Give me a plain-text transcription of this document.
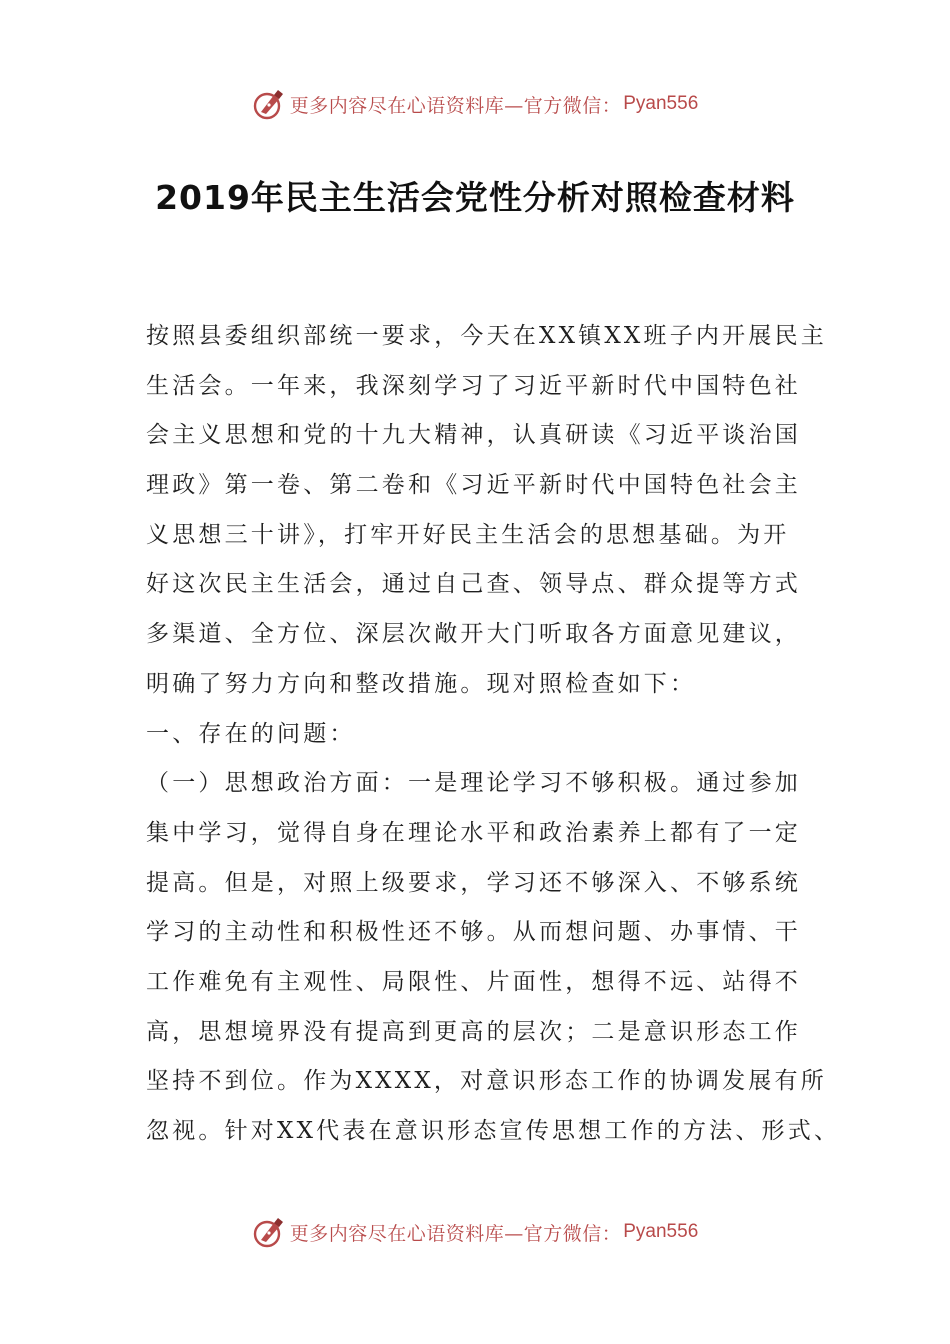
更多内容尽在心语资料库—官方微信： Pyan556
2019年民主生活会党性分析对照检查材料
按照县委组织部统一要求，今天在XX镇XX班子内开展民主
生活会。一年来，我深刻学习了习近平新时代中国特色社
会主义思想和党的十九大精神，认真研读《习近平谈治国
理政》第一卷、第二卷和《习近平新时代中国特色社会主
义思想三十讲》，打牢开好民主生活会的思想基础。为开
好这次民主生活会，通过自己查、领导点、群众提等方式
多渠道、全方位、深层次敞开大门听取各方面意见建议，
明确了努力方向和整改措施。现对照检查如下：
一、存在的问题：
（一）思想政治方面：一是理论学习不够积极。通过参加
集中学习，觉得自身在理论水平和政治素养上都有了一定
提高。但是，对照上级要求，学习还不够深入、不够系统
学习的主动性和积极性还不够。从而想问题、办事情、干
工作难免有主观性、局限性、片面性，想得不远、站得不
高，思想境界没有提高到更高的层次；二是意识形态工作
坚持不到位。作为XXXX，对意识形态工作的协调发展有所
忽视。针对XX代表在意识形态宣传思想工作的方法、形式、
更多内容尽在心语资料库—官方微信： Pyan556
